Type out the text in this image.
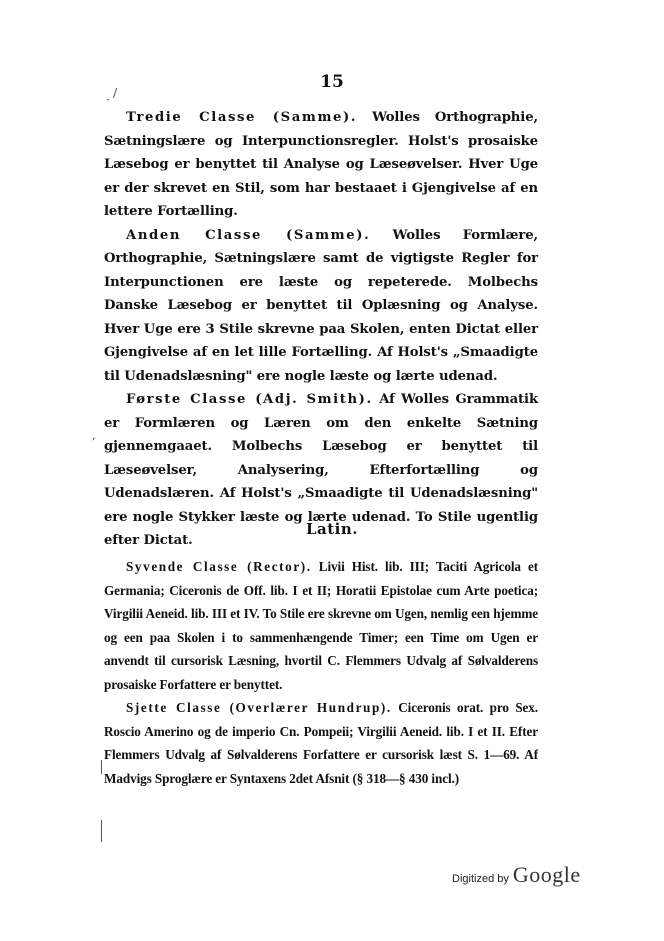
15
· /
,

Tredie Classe (Samme). Wolles Orthographie, Sætningslære og Interpunctionsregler. Holst's prosaiske Læsebog er benyttet til Analyse og Læseøvelser. Hver Uge er der skrevet en Stil, som har bestaaet i Gjengivelse af en lettere Fortælling.

Anden Classe (Samme). Wolles Formlære, Orthographie, Sætningslære samt de vigtigste Regler for Interpunctionen ere læste og repeterede. Molbechs Danske Læsebog er benyttet til Oplæsning og Analyse. Hver Uge ere 3 Stile skrevne paa Skolen, enten Dictat eller Gjengivelse af en let lille Fortælling. Af Holst's „Smaadigte til Udenadslæsning" ere nogle læste og lærte udenad.

Første Classe (Adj. Smith). Af Wolles Grammatik er Formlæren og Læren om den enkelte Sætning gjennemgaaet. Molbechs Læsebog er benyttet til Læseøvelser, Analysering, Efterfortælling og Udenadslæren. Af Holst's „Smaadigte til Udenadslæsning" ere nogle Stykker læste og lærte udenad. To Stile ugentlig efter Dictat.

Latin.

Syvende Classe (Rector). Livii Hist. lib. III; Taciti Agricola et Germania; Ciceronis de Off. lib. I et II; Horatii Epistolae cum Arte poetica; Virgilii Aeneid. lib. III et IV. To Stile ere skrevne om Ugen, nemlig een hjemme og een paa Skolen i to sammenhængende Timer; een Time om Ugen er anvendt til cursorisk Læsning, hvortil C. Flemmers Udvalg af Sølvalderens prosaiske Forfattere er benyttet.

Sjette Classe (Overlærer Hundrup). Ciceronis orat. pro Sex. Roscio Amerino og de imperio Cn. Pompeii; Virgilii Aeneid. lib. I et II. Efter Flemmers Udvalg af Sølvalderens Forfattere er cursorisk læst S. 1—69. Af Madvigs Sproglære er Syntaxens 2det Afsnit (§ 318—§ 430 incl.)

Digitized by Google
